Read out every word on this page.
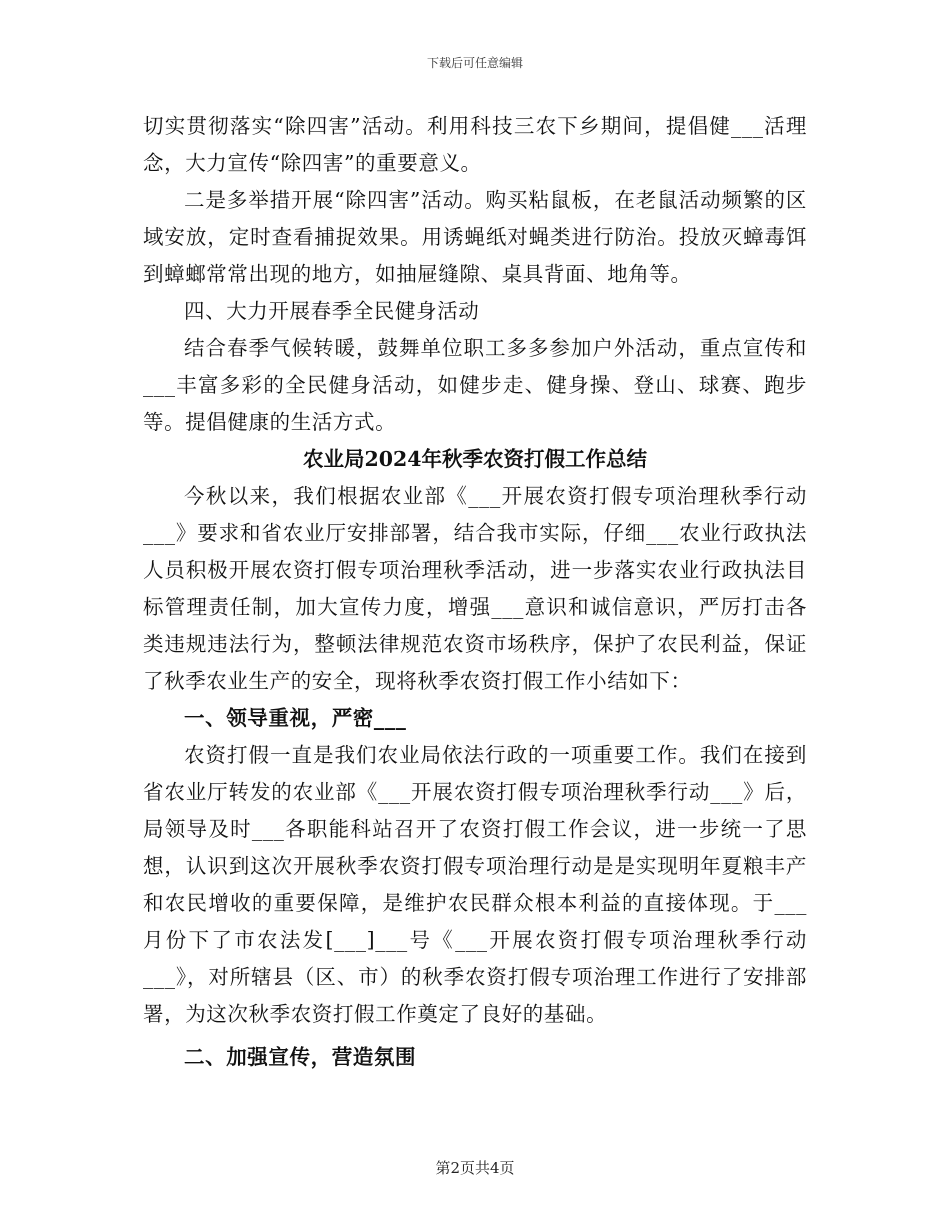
下载后可任意编辑

切实贯彻落实“除四害”活动。利用科技三农下乡期间，提倡健___活理念，大力宣传“除四害”的重要意义。

二是多举措开展“除四害”活动。购买粘鼠板，在老鼠活动频繁的区域安放，定时查看捕捉效果。用诱蝇纸对蝇类进行防治。投放灭蟑毒饵到蟑螂常常出现的地方，如抽屉缝隙、桌具背面、地角等。

四、大力开展春季全民健身活动

结合春季气候转暖，鼓舞单位职工多多参加户外活动，重点宣传和___丰富多彩的全民健身活动，如健步走、健身操、登山、球赛、跑步等。提倡健康的生活方式。

农业局2024年秋季农资打假工作总结

今秋以来，我们根据农业部《___开展农资打假专项治理秋季行动___》要求和省农业厅安排部署，结合我市实际，仔细___农业行政执法人员积极开展农资打假专项治理秋季活动，进一步落实农业行政执法目标管理责任制，加大宣传力度，增强___意识和诚信意识，严厉打击各类违规违法行为，整顿法律规范农资市场秩序，保护了农民利益，保证了秋季农业生产的安全，现将秋季农资打假工作小结如下：

一、领导重视，严密___

农资打假一直是我们农业局依法行政的一项重要工作。我们在接到省农业厅转发的农业部《___开展农资打假专项治理秋季行动___》后，局领导及时___各职能科站召开了农资打假工作会议，进一步统一了思想，认识到这次开展秋季农资打假专项治理行动是是实现明年夏粮丰产和农民增收的重要保障，是维护农民群众根本利益的直接体现。于___月份下了市农法发[___]___号《___开展农资打假专项治理秋季行动___》，对所辖县（区、市）的秋季农资打假专项治理工作进行了安排部署，为这次秋季农资打假工作奠定了良好的基础。

二、加强宣传，营造氛围

第2页共4页
